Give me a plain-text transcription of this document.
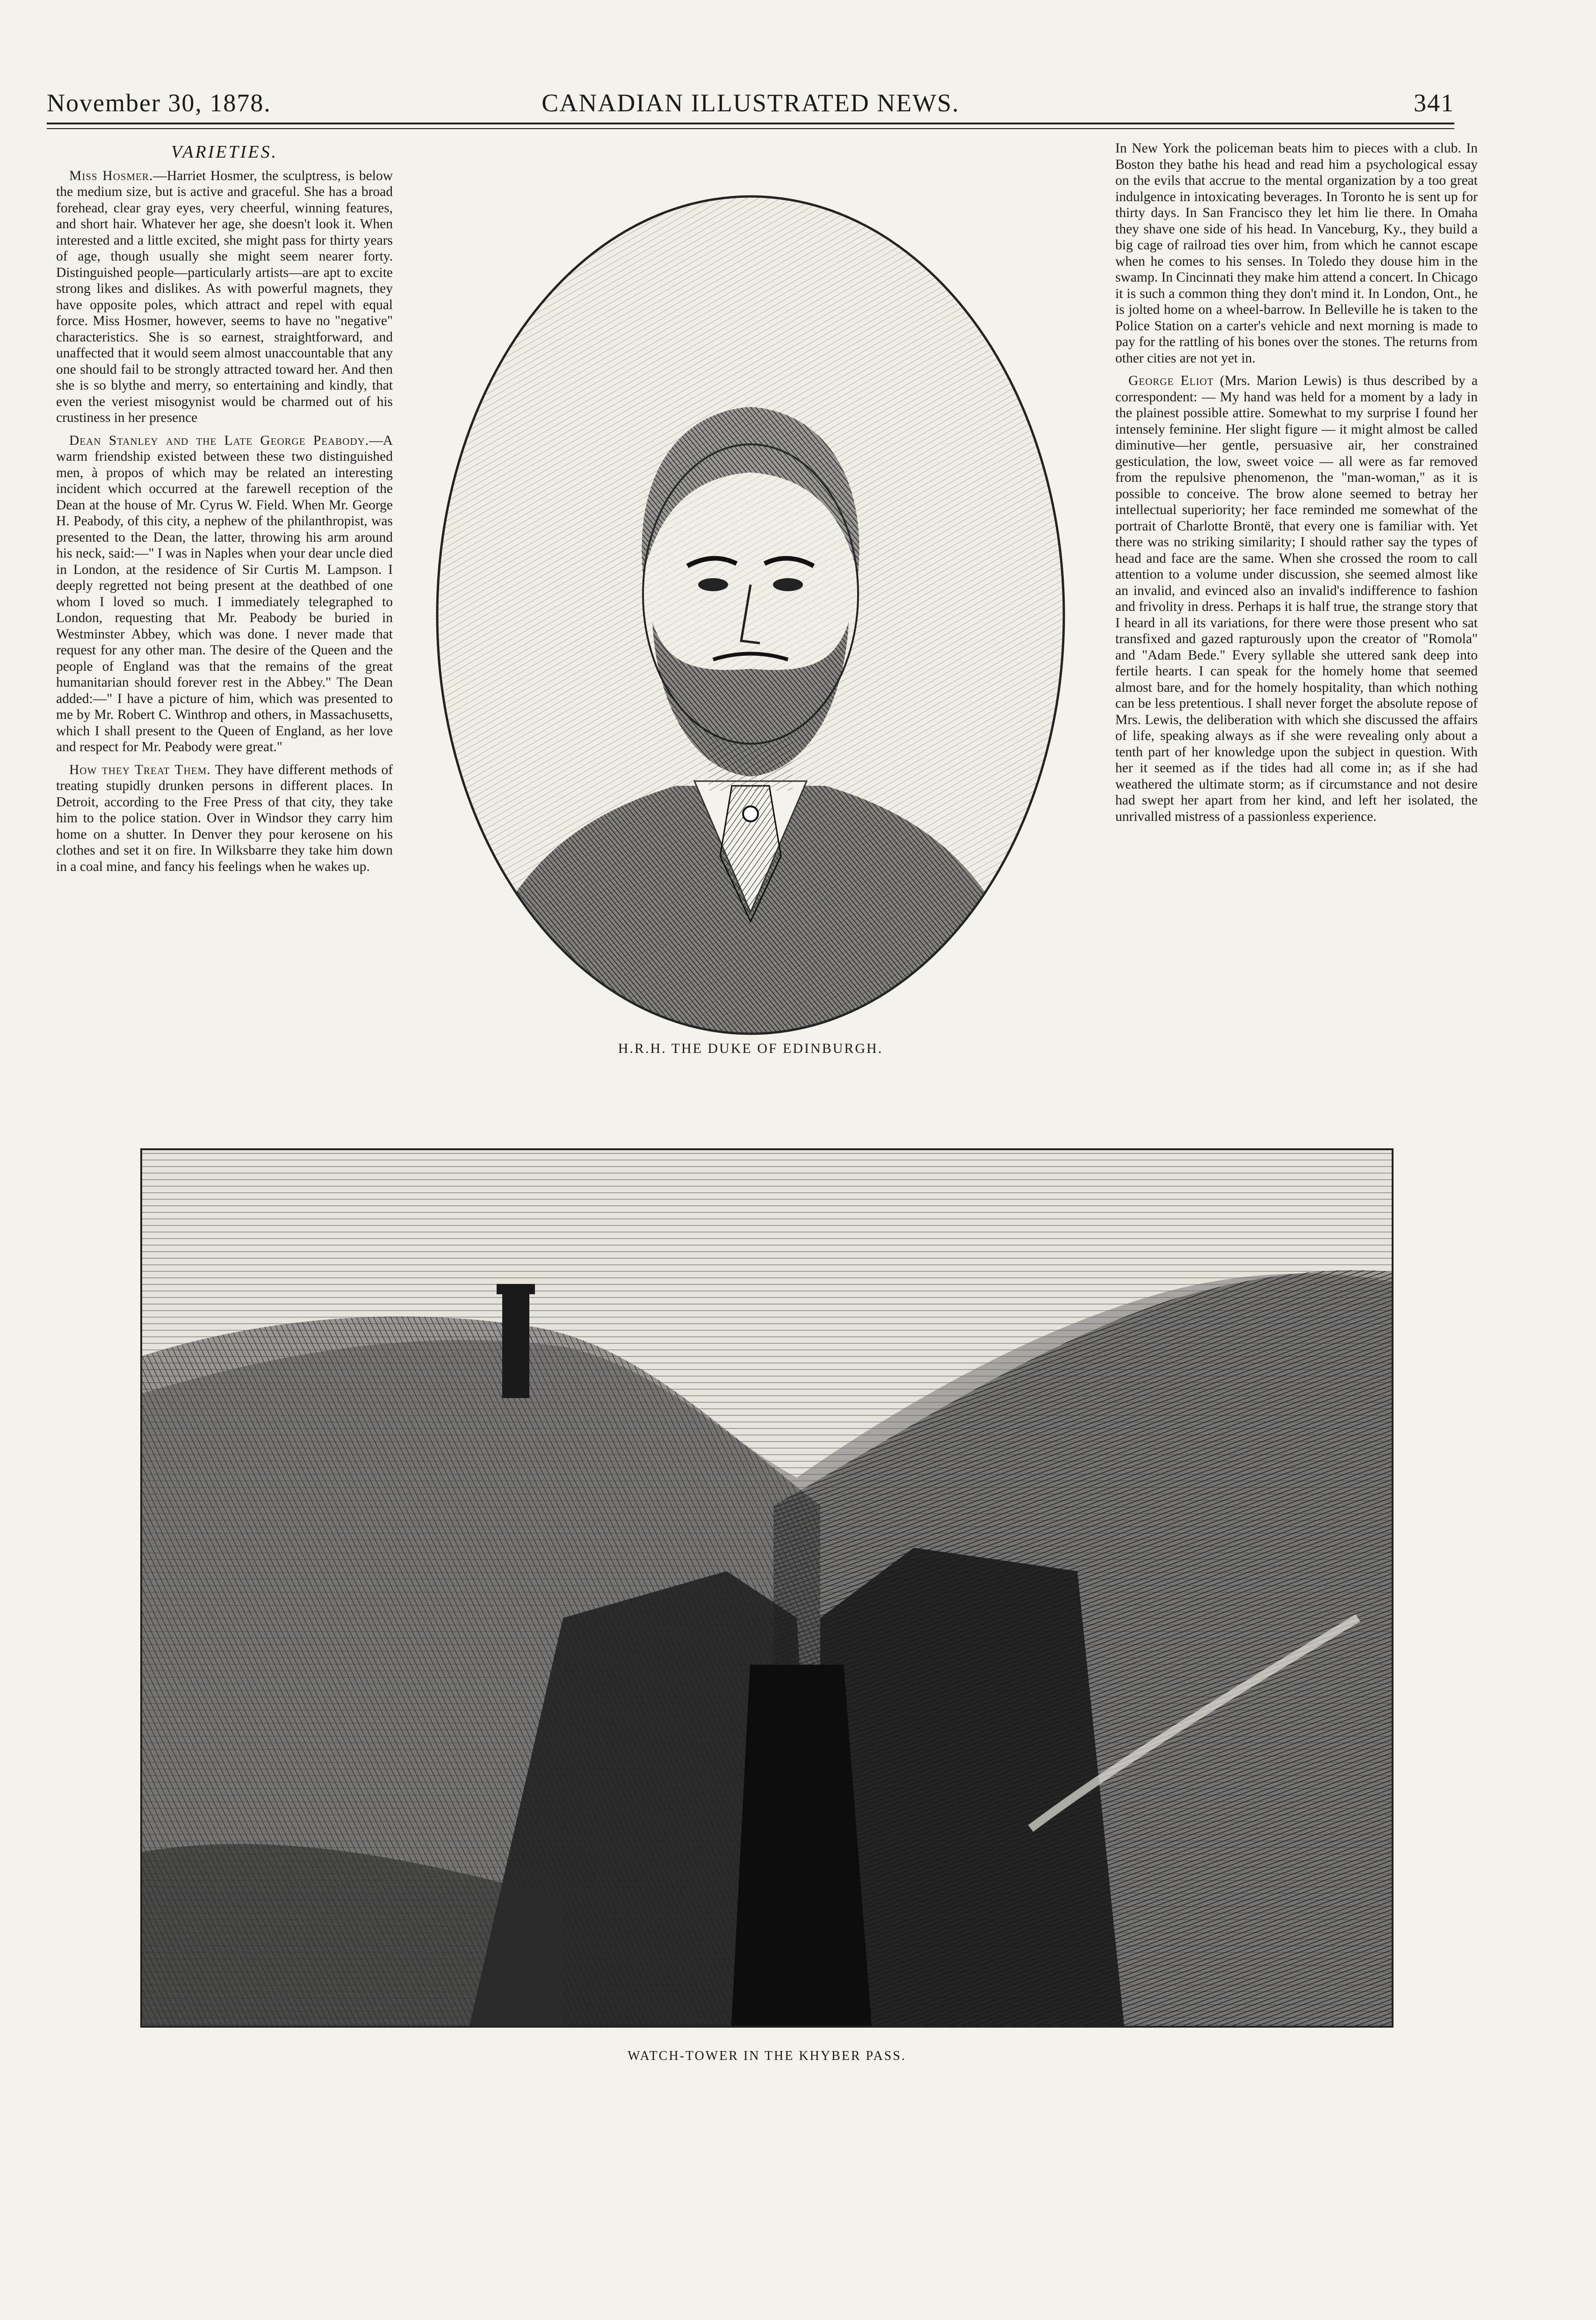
November 30, 1878.	CANADIAN ILLUSTRATED NEWS.	341
VARIETIES.

Miss Hosmer.—Harriet Hosmer, the sculptress, is below the medium size, but is active and graceful. She has a broad forehead, clear gray eyes, very cheerful, winning features, and short hair. Whatever her age, she doesn't look it. When interested and a little excited, she might pass for thirty years of age, though usually she might seem nearer forty. Distinguished people—particularly artists—are apt to excite strong likes and dislikes. As with powerful magnets, they have opposite poles, which attract and repel with equal force. Miss Hosmer, however, seems to have no "negative" characteristics. She is so earnest, straightforward, and unaffected that it would seem almost unaccountable that any one should fail to be strongly attracted toward her. And then she is so blythe and merry, so entertaining and kindly, that even the veriest misogynist would be charmed out of his crustiness in her presence

Dean Stanley and the Late George Peabody.—A warm friendship existed between these two distinguished men, à propos of which may be related an interesting incident which occurred at the farewell reception of the Dean at the house of Mr. Cyrus W. Field. When Mr. George H. Peabody, of this city, a nephew of the philanthropist, was presented to the Dean, the latter, throwing his arm around his neck, said:—" I was in Naples when your dear uncle died in London, at the residence of Sir Curtis M. Lampson. I deeply regretted not being present at the deathbed of one whom I loved so much. I immediately telegraphed to London, requesting that Mr. Peabody be buried in Westminster Abbey, which was done. I never made that request for any other man. The desire of the Queen and the people of England was that the remains of the great humanitarian should forever rest in the Abbey." The Dean added:—" I have a picture of him, which was presented to me by Mr. Robert C. Winthrop and others, in Massachusetts, which I shall present to the Queen of England, as her love and respect for Mr. Peabody were great."

How they Treat Them. They have different methods of treating stupidly drunken persons in different places. In Detroit, according to the Free Press of that city, they take him to the police station. Over in Windsor they carry him home on a shutter. In Denver they pour kerosene on his clothes and set it on fire. In Wilksbarre they take him down in a coal mine, and fancy his feelings when he wakes up.

H.R.H. THE DUKE OF EDINBURGH.

In New York the policeman beats him to pieces with a club. In Boston they bathe his head and read him a psychological essay on the evils that accrue to the mental organization by a too great indulgence in intoxicating beverages. In Toronto he is sent up for thirty days. In San Francisco they let him lie there. In Omaha they shave one side of his head. In Vanceburg, Ky., they build a big cage of railroad ties over him, from which he cannot escape when he comes to his senses. In Toledo they douse him in the swamp. In Cincinnati they make him attend a concert. In Chicago it is such a common thing they don't mind it. In London, Ont., he is jolted home on a wheel-barrow. In Belleville he is taken to the Police Station on a carter's vehicle and next morning is made to pay for the rattling of his bones over the stones. The returns from other cities are not yet in.

George Eliot (Mrs. Marion Lewis) is thus described by a correspondent: — My hand was held for a moment by a lady in the plainest possible attire. Somewhat to my surprise I found her intensely feminine. Her slight figure — it might almost be called diminutive—her gentle, persuasive air, her constrained gesticulation, the low, sweet voice — all were as far removed from the repulsive phenomenon, the "man-woman," as it is possible to conceive. The brow alone seemed to betray her intellectual superiority; her face reminded me somewhat of the portrait of Charlotte Brontë, that every one is familiar with. Yet there was no striking similarity; I should rather say the types of head and face are the same. When she crossed the room to call attention to a volume under discussion, she seemed almost like an invalid, and evinced also an invalid's indifference to fashion and frivolity in dress. Perhaps it is half true, the strange story that I heard in all its variations, for there were those present who sat transfixed and gazed rapturously upon the creator of "Romola" and "Adam Bede." Every syllable she uttered sank deep into fertile hearts. I can speak for the homely home that seemed almost bare, and for the homely hospitality, than which nothing can be less pretentious. I shall never forget the absolute repose of Mrs. Lewis, the deliberation with which she discussed the affairs of life, speaking always as if she were revealing only about a tenth part of her knowledge upon the subject in question. With her it seemed as if the tides had all come in; as if she had weathered the ultimate storm; as if circumstance and not desire had swept her apart from her kind, and left her isolated, the unrivalled mistress of a passionless experience.

WATCH-TOWER IN THE KHYBER PASS.
